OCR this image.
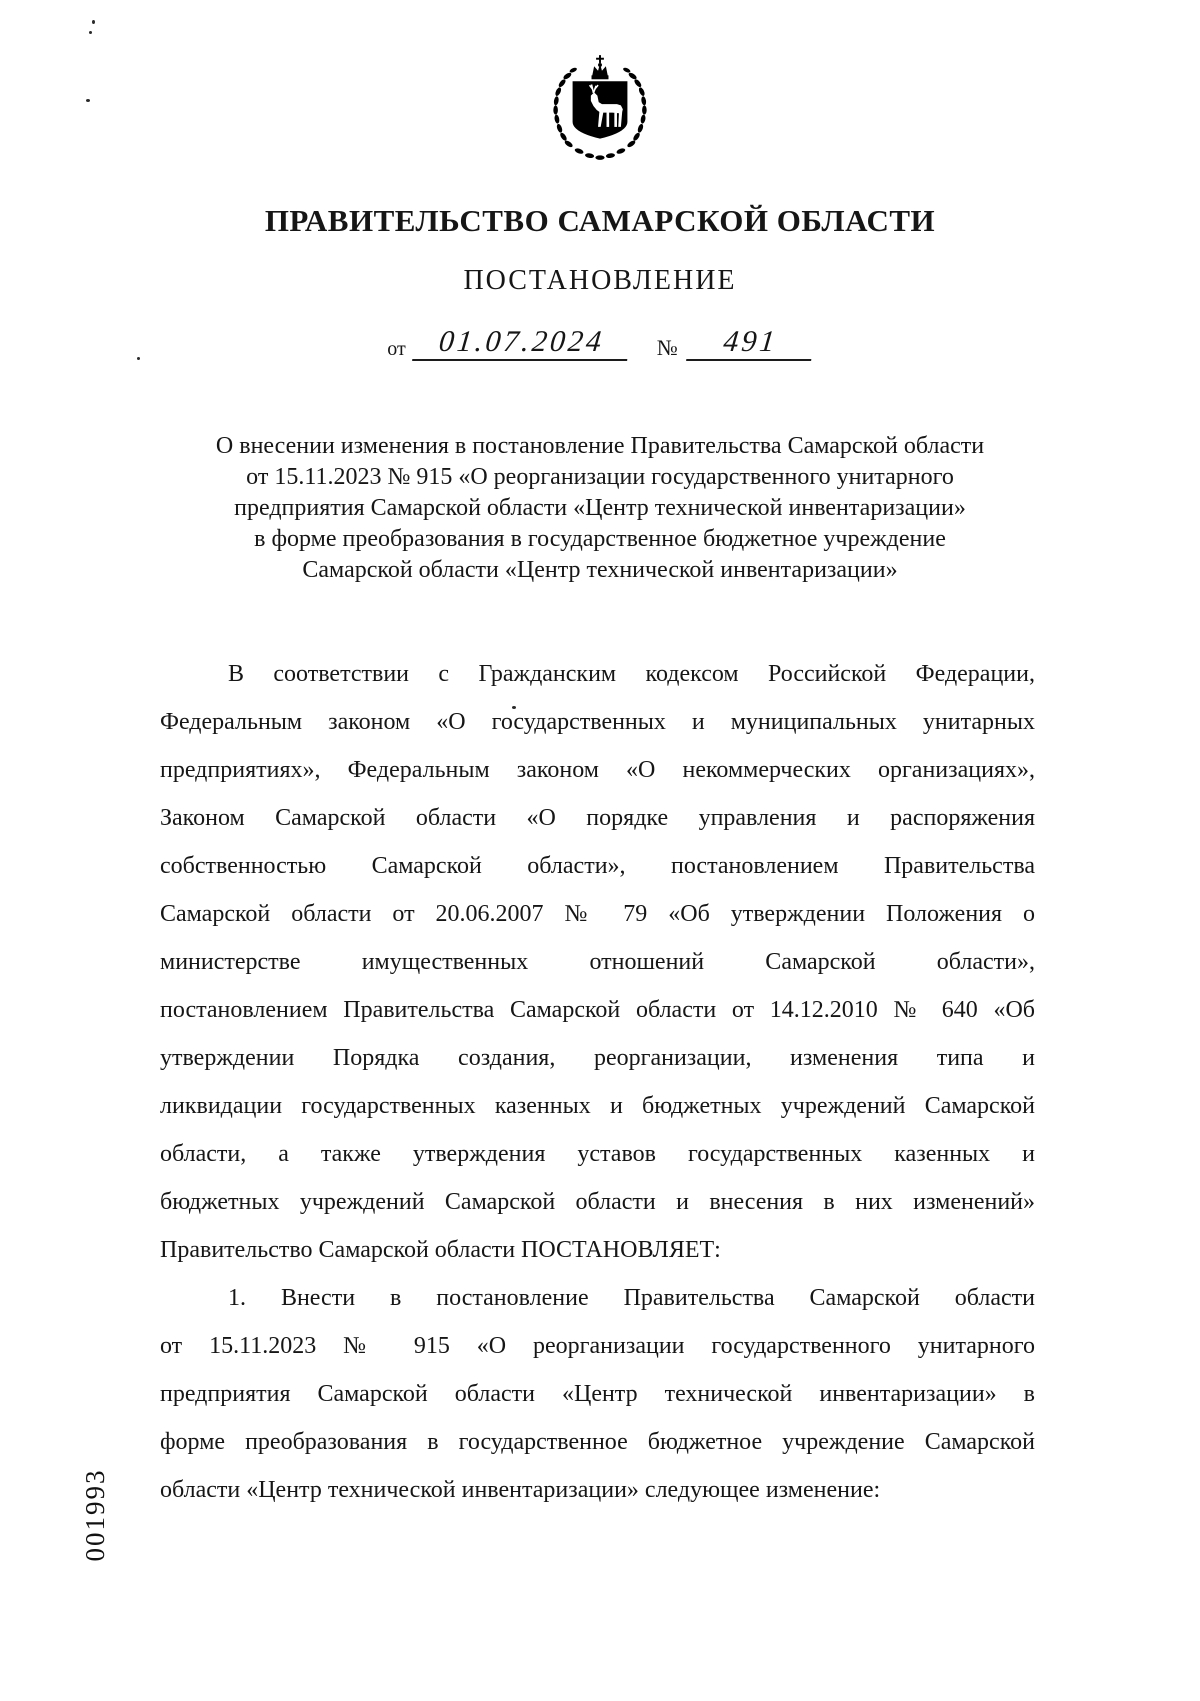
001993
ПРАВИТЕЛЬСТВО САМАРСКОЙ ОБЛАСТИ
ПОСТАНОВЛЕНИЕ
от	01.07.2024	№	491
О внесении изменения в постановление Правительства Самарской области
от 15.11.2023 № 915 «О реорганизации государственного унитарного
предприятия Самарской области «Центр технической инвентаризации»
в форме преобразования в государственное бюджетное учреждение
Самарской области «Центр технической инвентаризации»
В соответствии с Гражданским кодексом Российской Федерации,
Федеральным законом «О государственных и муниципальных унитарных
предприятиях», Федеральным законом «О некоммерческих организациях»,
Законом Самарской области «О порядке управления и распоряжения
собственностью Самарской области», постановлением Правительства
Самарской области от 20.06.2007 № 79 «Об утверждении Положения о
министерстве имущественных отношений Самарской области»,
постановлением Правительства Самарской области от 14.12.2010 № 640 «Об
утверждении Порядка создания, реорганизации, изменения типа и
ликвидации государственных казенных и бюджетных учреждений Самарской
области, а также утверждения уставов государственных казенных и
бюджетных учреждений Самарской области и внесения в них изменений»
Правительство Самарской области ПОСТАНОВЛЯЕТ:
1. Внести в постановление Правительства Самарской области
от 15.11.2023 № 915 «О реорганизации государственного унитарного
предприятия Самарской области «Центр технической инвентаризации» в
форме преобразования в государственное бюджетное учреждение Самарской
области «Центр технической инвентаризации» следующее изменение:
